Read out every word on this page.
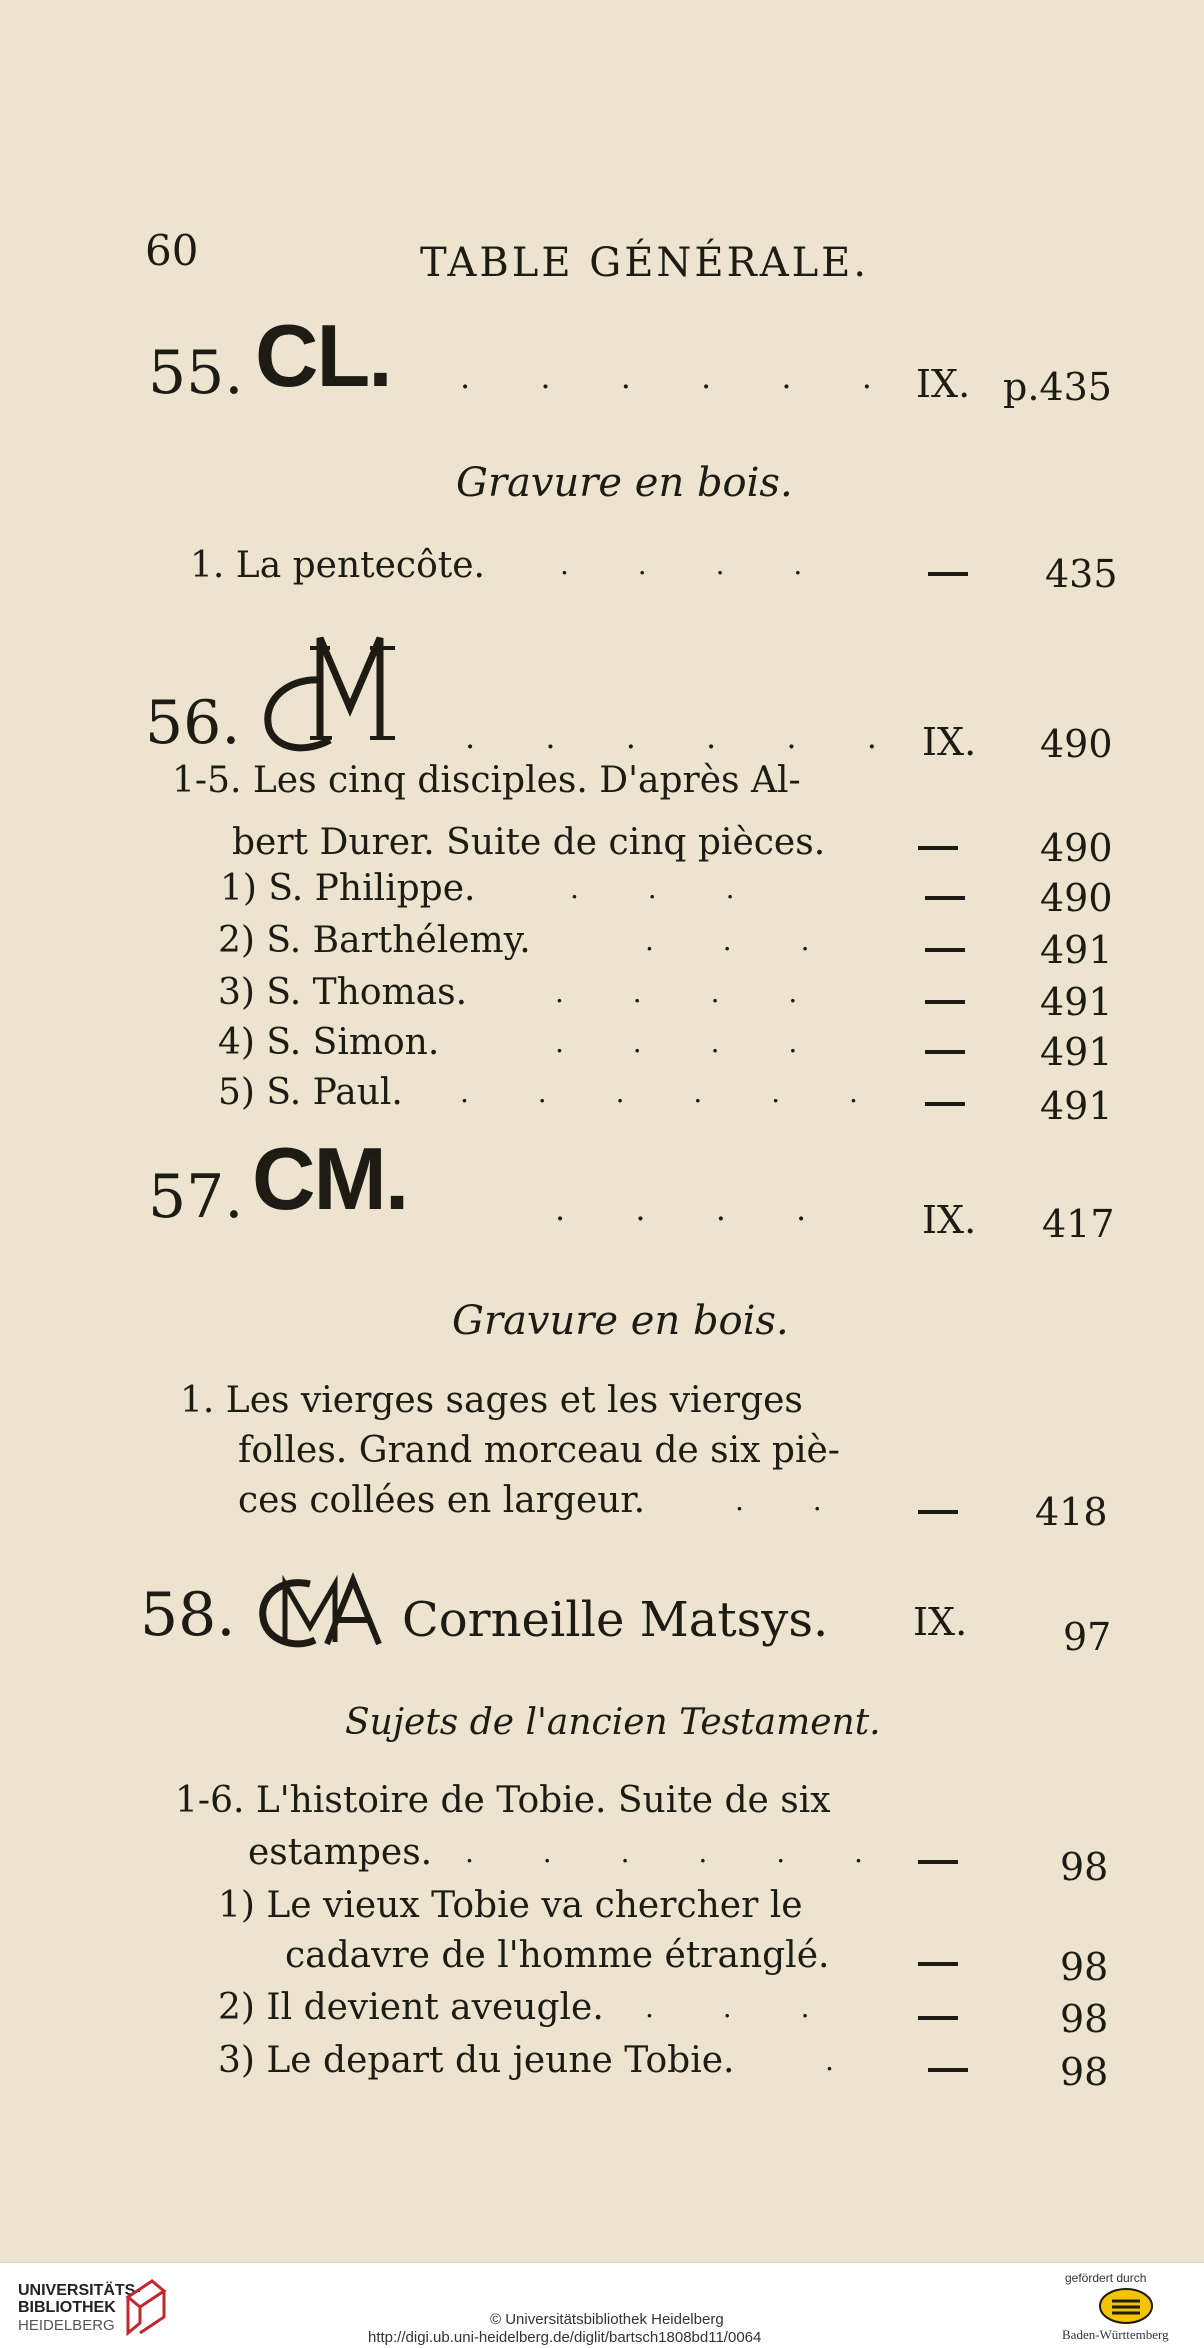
60	TABLE GÉNÉRALE.
55. CL. . . . . . . IX. p.435
Gravure en bois.
1. La pentecôte.	. . . .	435
56.	. . . . . . IX. 490
1-5. Les cinq disciples. D'après Al-
bert Durer. Suite de cinq pièces.	490
1) S. Philippe.	. . .	490
2) S. Barthélemy.	. . .	491
3) S. Thomas.	. . . .	491
4) S. Simon.	. . . .	491
5) S. Paul. . . . . . .	491
57. CM.	. . . . IX. 417
Gravure en bois.
1. Les vierges sages et les vierges
folles. Grand morceau de six piè-
ces collées en largeur.	. .	418
58.	Corneille Matsys. IX.	97
Sujets de l'ancien Testament.
1-6. L'histoire de Tobie. Suite de six
estampes. . . . . . .	98
1) Le vieux Tobie va chercher le
cadavre de l'homme étranglé.	98
2) Il devient aveugle. . . .	98
3) Le depart du jeune Tobie.	.	98
UNIVERSITÄTS-
BIBLIOTHEK
HEIDELBERG	© Universitätsbibliothek Heidelberg
http://digi.ub.uni-heidelberg.de/diglit/bartsch1808bd11/0064
gefördert durch
Baden-Württemberg
